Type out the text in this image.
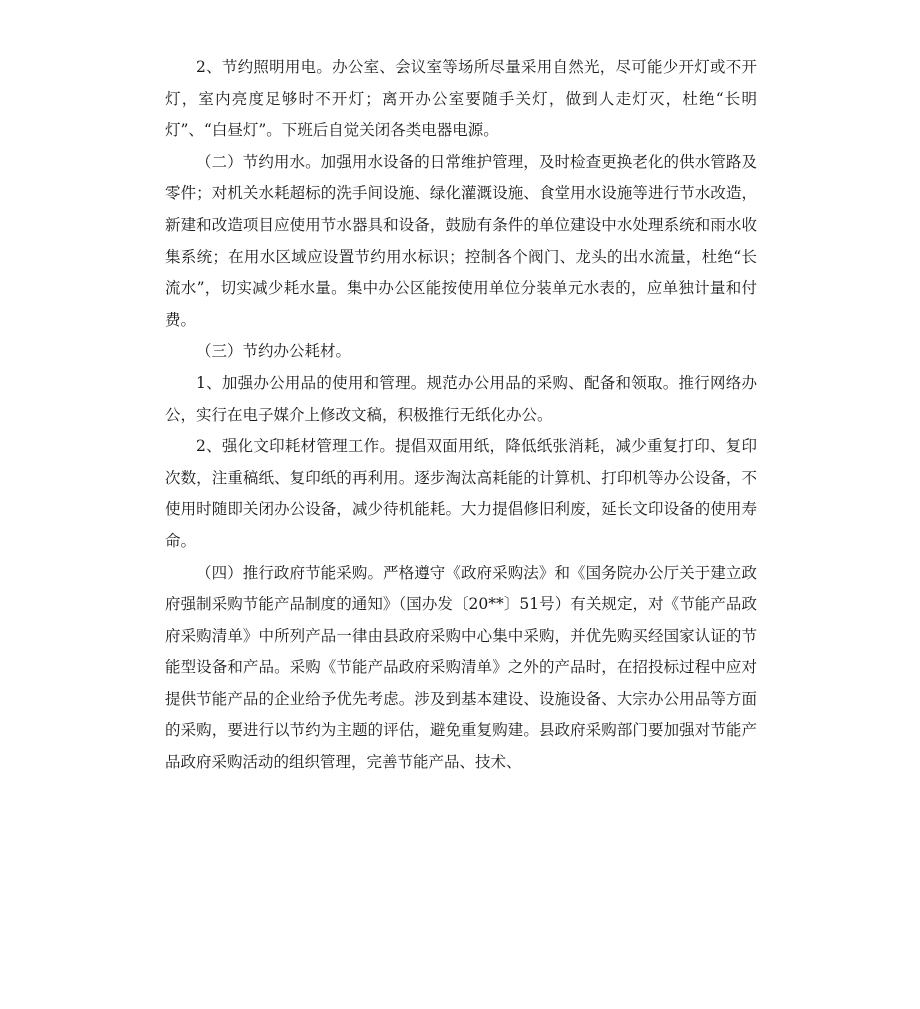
2、节约照明用电。办公室、会议室等场所尽量采用自然光，尽可能少开灯或不开灯，室内亮度足够时不开灯；离开办公室要随手关灯，做到人走灯灭，杜绝“长明灯”、“白昼灯”。下班后自觉关闭各类电器电源。

（二）节约用水。加强用水设备的日常维护管理，及时检查更换老化的供水管路及零件；对机关水耗超标的洗手间设施、绿化灌溉设施、食堂用水设施等进行节水改造，新建和改造项目应使用节水器具和设备，鼓励有条件的单位建设中水处理系统和雨水收集系统；在用水区域应设置节约用水标识；控制各个阀门、龙头的出水流量，杜绝“长流水”，切实减少耗水量。集中办公区能按使用单位分装单元水表的，应单独计量和付费。

（三）节约办公耗材。

1、加强办公用品的使用和管理。规范办公用品的采购、配备和领取。推行网络办公，实行在电子媒介上修改文稿，积极推行无纸化办公。

2、强化文印耗材管理工作。提倡双面用纸，降低纸张消耗，减少重复打印、复印次数，注重稿纸、复印纸的再利用。逐步淘汰高耗能的计算机、打印机等办公设备，不使用时随即关闭办公设备，减少待机能耗。大力提倡修旧利废，延长文印设备的使用寿命。

（四）推行政府节能采购。严格遵守《政府采购法》和《国务院办公厅关于建立政府强制采购节能产品制度的通知》（国办发〔20**〕51号）有关规定，对《节能产品政府采购清单》中所列产品一律由县政府采购中心集中采购，并优先购买经国家认证的节能型设备和产品。采购《节能产品政府采购清单》之外的产品时，在招投标过程中应对提供节能产品的企业给予优先考虑。涉及到基本建设、设施设备、大宗办公用品等方面的采购，要进行以节约为主题的评估，避免重复购建。县政府采购部门要加强对节能产品政府采购活动的组织管理，完善节能产品、技术、
